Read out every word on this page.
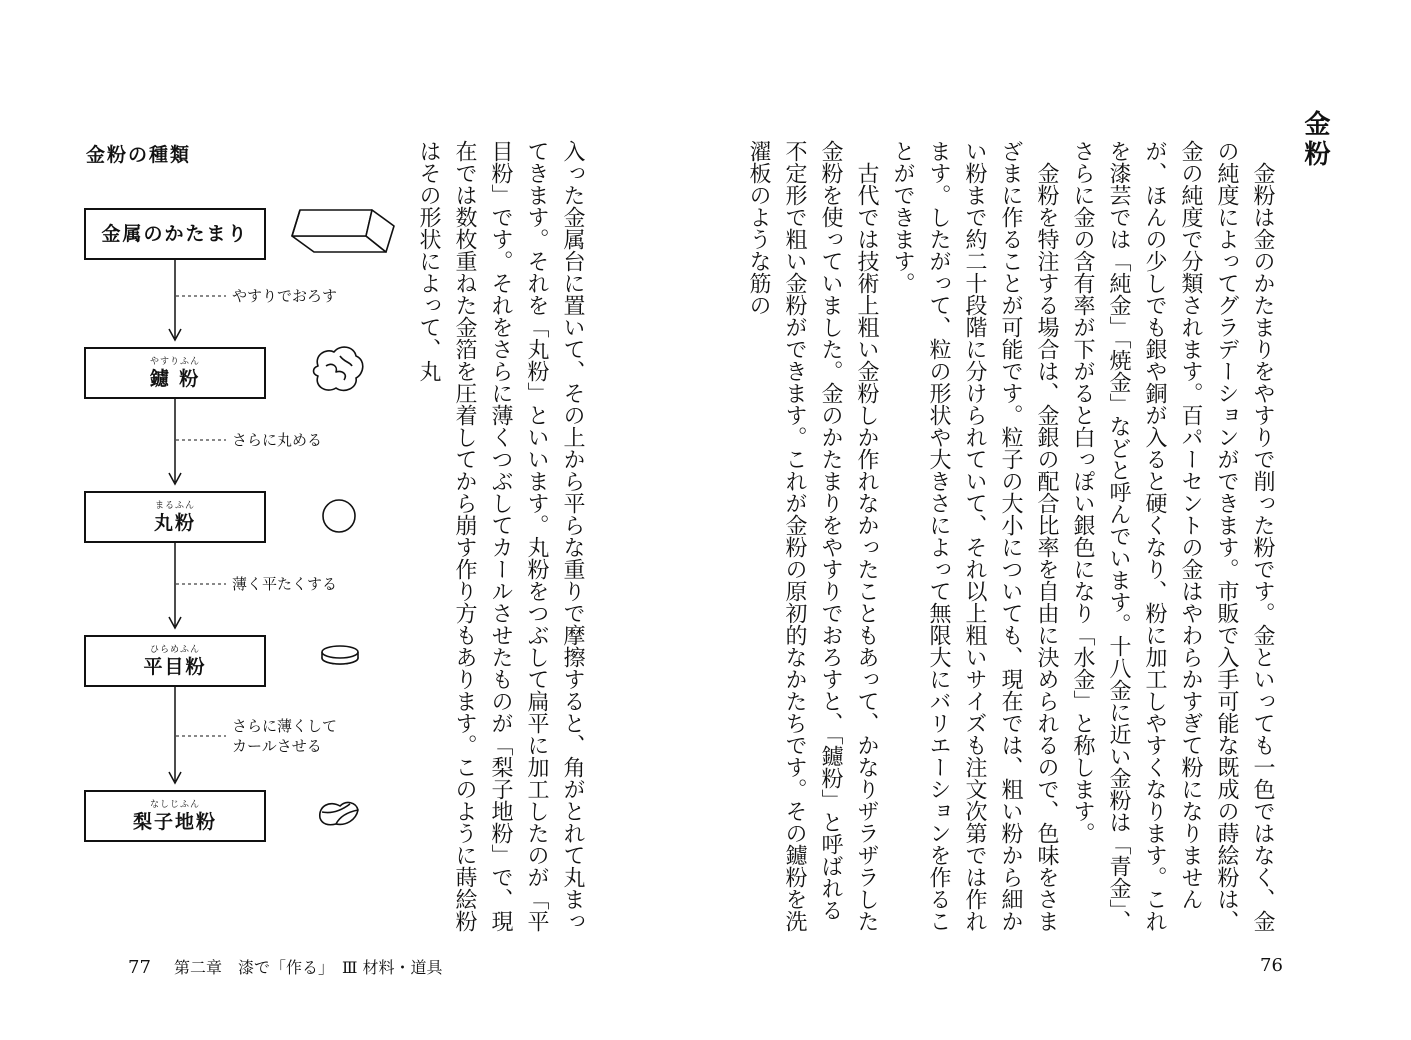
金粉の種類
金属のかたまり
やすりふん
鑢 粉
まるふん
丸粉
ひらめふん
平目粉
なしじふん
梨子地粉
やすりでおろす
さらに丸める
薄く平たくする
さらに薄くして
カールさせる	入った金属台に置いて、その上から平らな重りで摩擦すると、角がとれて丸まってきます。それを「丸粉」といいます。丸粉をつぶして扁平に加工したのが「平目粉」です。それをさらに薄くつぶしてカールさせたものが「梨子地粉」で、現在では数枚重ねた金箔を圧着してから崩す作り方もあります。このように蒔絵粉はその形状によって、丸

77 第二章　漆で「作る」　Ⅲ 材料・道具
金粉

金粉は金のかたまりをやすりで削った粉です。金といっても一色ではなく、金の純度によってグラデーションができます。市販で入手可能な既成の蒔絵粉は、金の純度で分類されます。百パーセントの金はやわらかすぎて粉になりませんが、ほんの少しでも銀や銅が入ると硬くなり、粉に加工しやすくなります。これを漆芸では「純金」「焼金」などと呼んでいます。十八金に近い金粉は「青金」、さらに金の含有率が下がると白っぽい銀色になり「水金」と称します。

金粉を特注する場合は、金銀の配合比率を自由に決められるので、色味をさまざまに作ることが可能です。粒子の大小についても、現在では、粗い粉から細かい粉まで約二十段階に分けられていて、それ以上粗いサイズも注文次第では作れます。したがって、粒の形状や大きさによって無限大にバリエーションを作ることができます。

古代では技術上粗い金粉しか作れなかったこともあって、かなりザラザラした金粉を使っていました。金のかたまりをやすりでおろすと、「鑢粉」と呼ばれる不定形で粗い金粉ができます。これが金粉の原初的なかたちです。その鑢粉を洗濯板のような筋の

76
